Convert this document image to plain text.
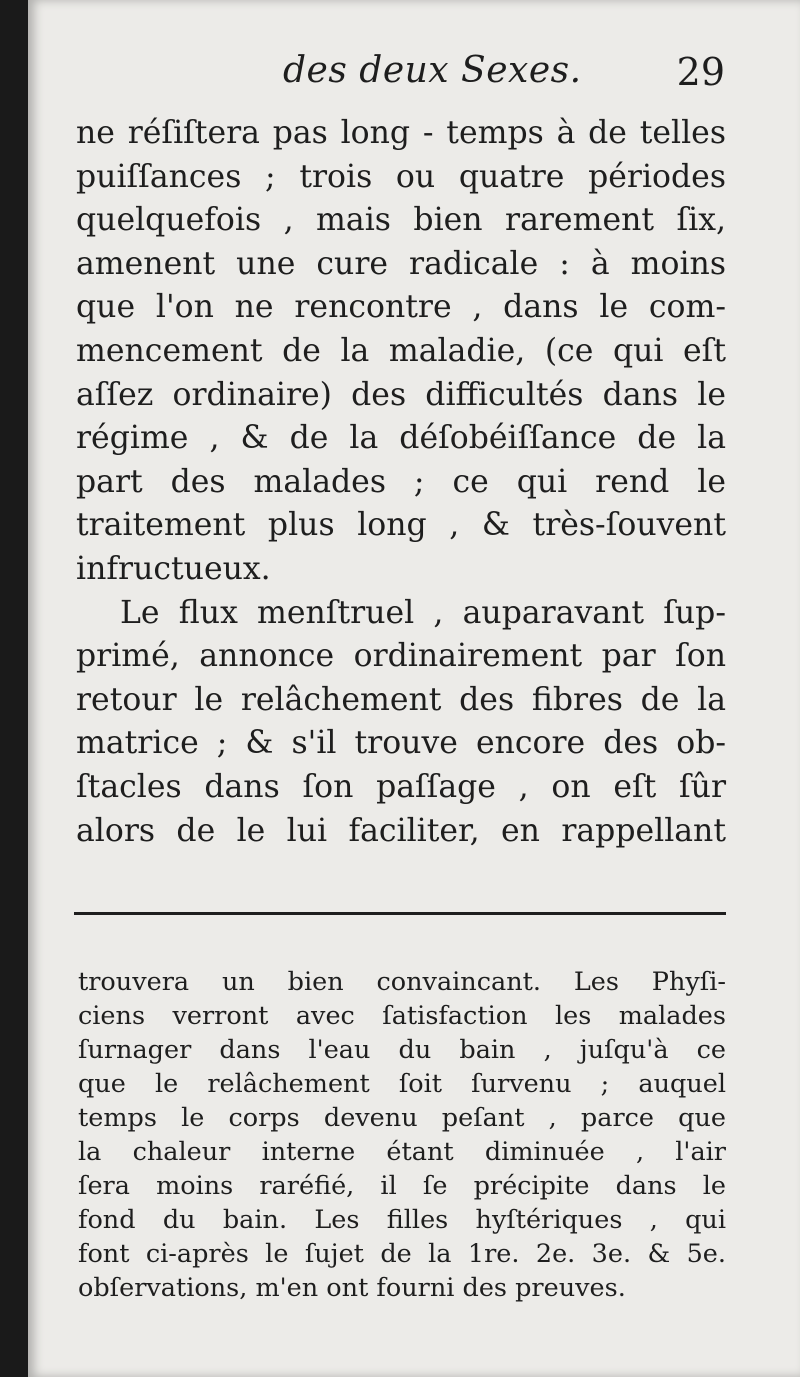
des deux Sexes.	29
ne réſiſtera pas long - temps à de telles
puiſſances ; trois ou quatre périodes
quelquefois , mais bien rarement ſix,
amenent une cure radicale : à moins
que l'on ne rencontre , dans le com-
mencement de la maladie, (ce qui eſt
aſſez ordinaire) des difficultés dans le
régime , & de la déſobéiſſance de la
part des malades ; ce qui rend le
traitement plus long , & très-ſouvent
infructueux.
Le flux menſtruel , auparavant ſup-
primé, annonce ordinairement par ſon
retour le relâchement des fibres de la
matrice ; & s'il trouve encore des ob-
ſtacles dans ſon paſſage , on eſt ſûr
alors de le lui faciliter, en rappellant
trouvera un bien convaincant. Les Phyſi-
ciens verront avec ſatisfaction les malades
ſurnager dans l'eau du bain , juſqu'à ce
que le relâchement ſoit ſurvenu ; auquel
temps le corps devenu peſant , parce que
la chaleur interne étant diminuée , l'air
ſera moins raréfié, il ſe précipite dans le
fond du bain. Les filles hyſtériques , qui
font ci-après le ſujet de la 1re. 2e. 3e. & 5e.
obſervations, m'en ont fourni des preuves.
